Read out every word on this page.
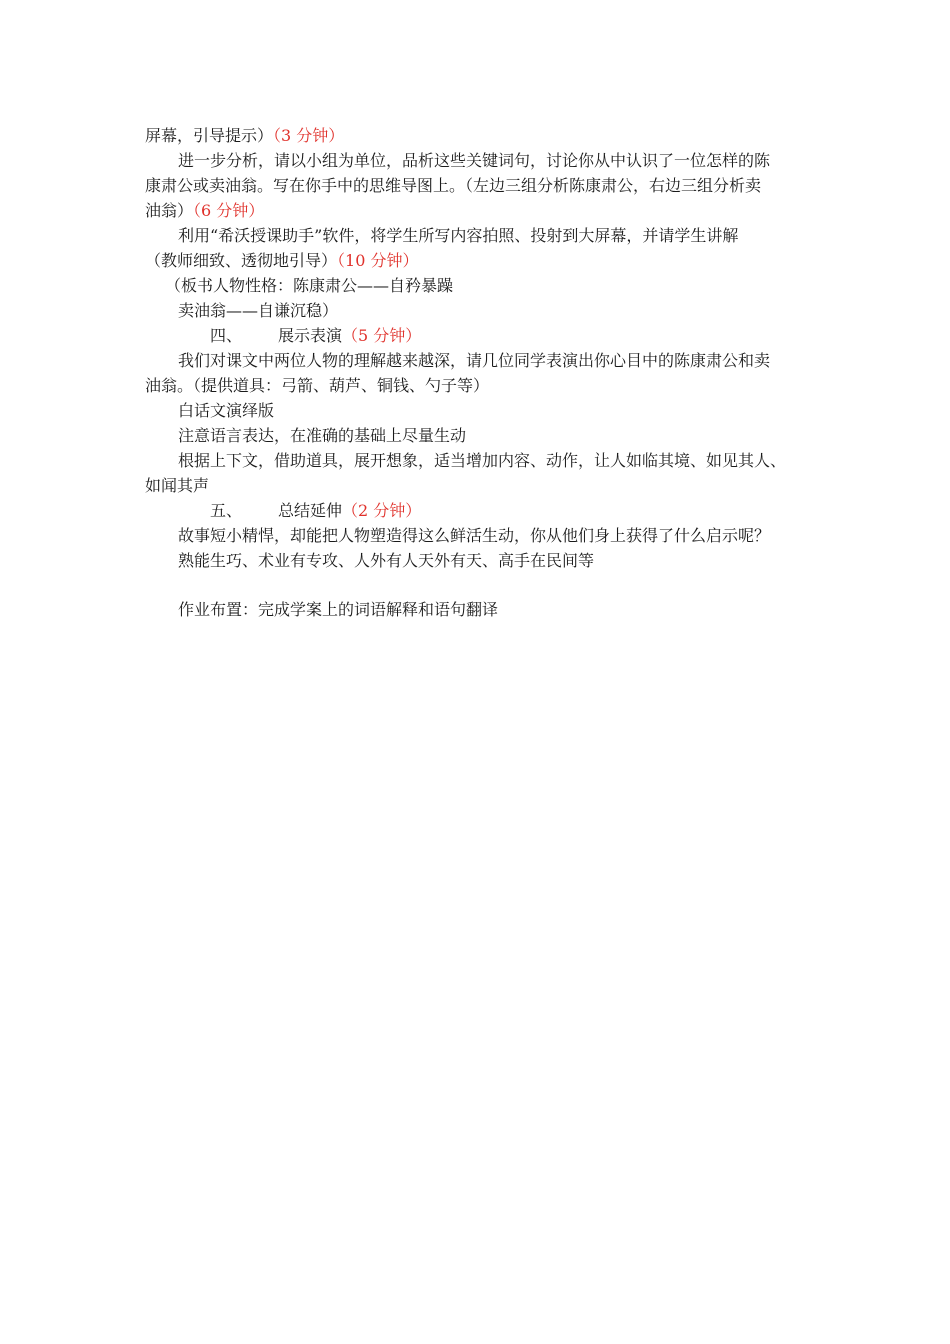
屏幕，引导提示）（3 分钟）
进一步分析，请以小组为单位，品析这些关键词句，讨论你从中认识了一位怎样的陈
康肃公或卖油翁。写在你手中的思维导图上。（左边三组分析陈康肃公，右边三组分析卖
油翁）（6 分钟）
利用“希沃授课助手”软件，将学生所写内容拍照、投射到大屏幕，并请学生讲解
（教师细致、透彻地引导）（10 分钟）
（板书人物性格：陈康肃公——自矜暴躁
卖油翁——自谦沉稳）
四、 展示表演（5 分钟）
我们对课文中两位人物的理解越来越深，请几位同学表演出你心目中的陈康肃公和卖
油翁。（提供道具：弓箭、葫芦、铜钱、勺子等）
白话文演绎版
注意语言表达，在准确的基础上尽量生动
根据上下文，借助道具，展开想象，适当增加内容、动作，让人如临其境、如见其人、
如闻其声
五、 总结延伸（2 分钟）
故事短小精悍，却能把人物塑造得这么鲜活生动，你从他们身上获得了什么启示呢？
熟能生巧、术业有专攻、人外有人天外有天、高手在民间等
作业布置：完成学案上的词语解释和语句翻译
